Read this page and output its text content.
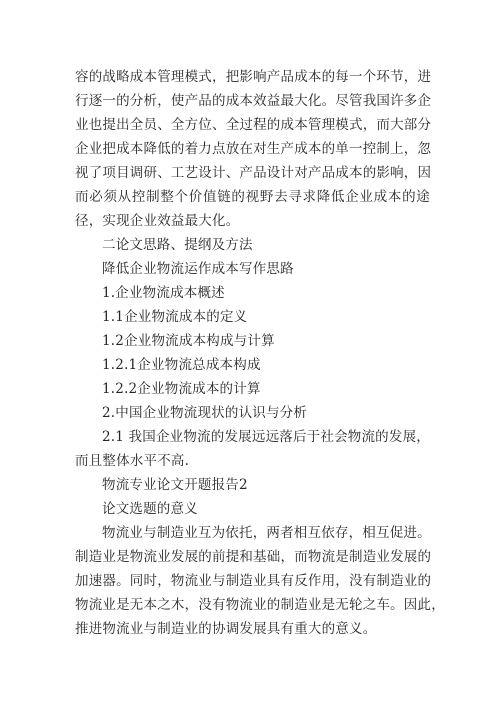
容的战略成本管理模式，把影响产品成本的每一个环节，进
行逐一的分析，使产品的成本效益最大化。尽管我国许多企
业也提出全员、全方位、全过程的成本管理模式，而大部分
企业把成本降低的着力点放在对生产成本的单一控制上，忽
视了项目调研、工艺设计、产品设计对产品成本的影响，因
而必须从控制整个价值链的视野去寻求降低企业成本的途
径，实现企业效益最大化。
二论文思路、提纲及方法
降低企业物流运作成本写作思路
1.企业物流成本概述
1.1企业物流成本的定义
1.2企业物流成本构成与计算
1.2.1企业物流总成本构成
1.2.2企业物流成本的计算
2.中国企业物流现状的认识与分析
2.1 我国企业物流的发展远远落后于社会物流的发展，
而且整体水平不高.
物流专业论文开题报告2
论文选题的意义
物流业与制造业互为依托，两者相互依存，相互促进。
制造业是物流业发展的前提和基础，而物流是制造业发展的
加速器。同时，物流业与制造业具有反作用，没有制造业的
物流业是无本之木，没有物流业的制造业是无轮之车。因此，
推进物流业与制造业的协调发展具有重大的意义。
